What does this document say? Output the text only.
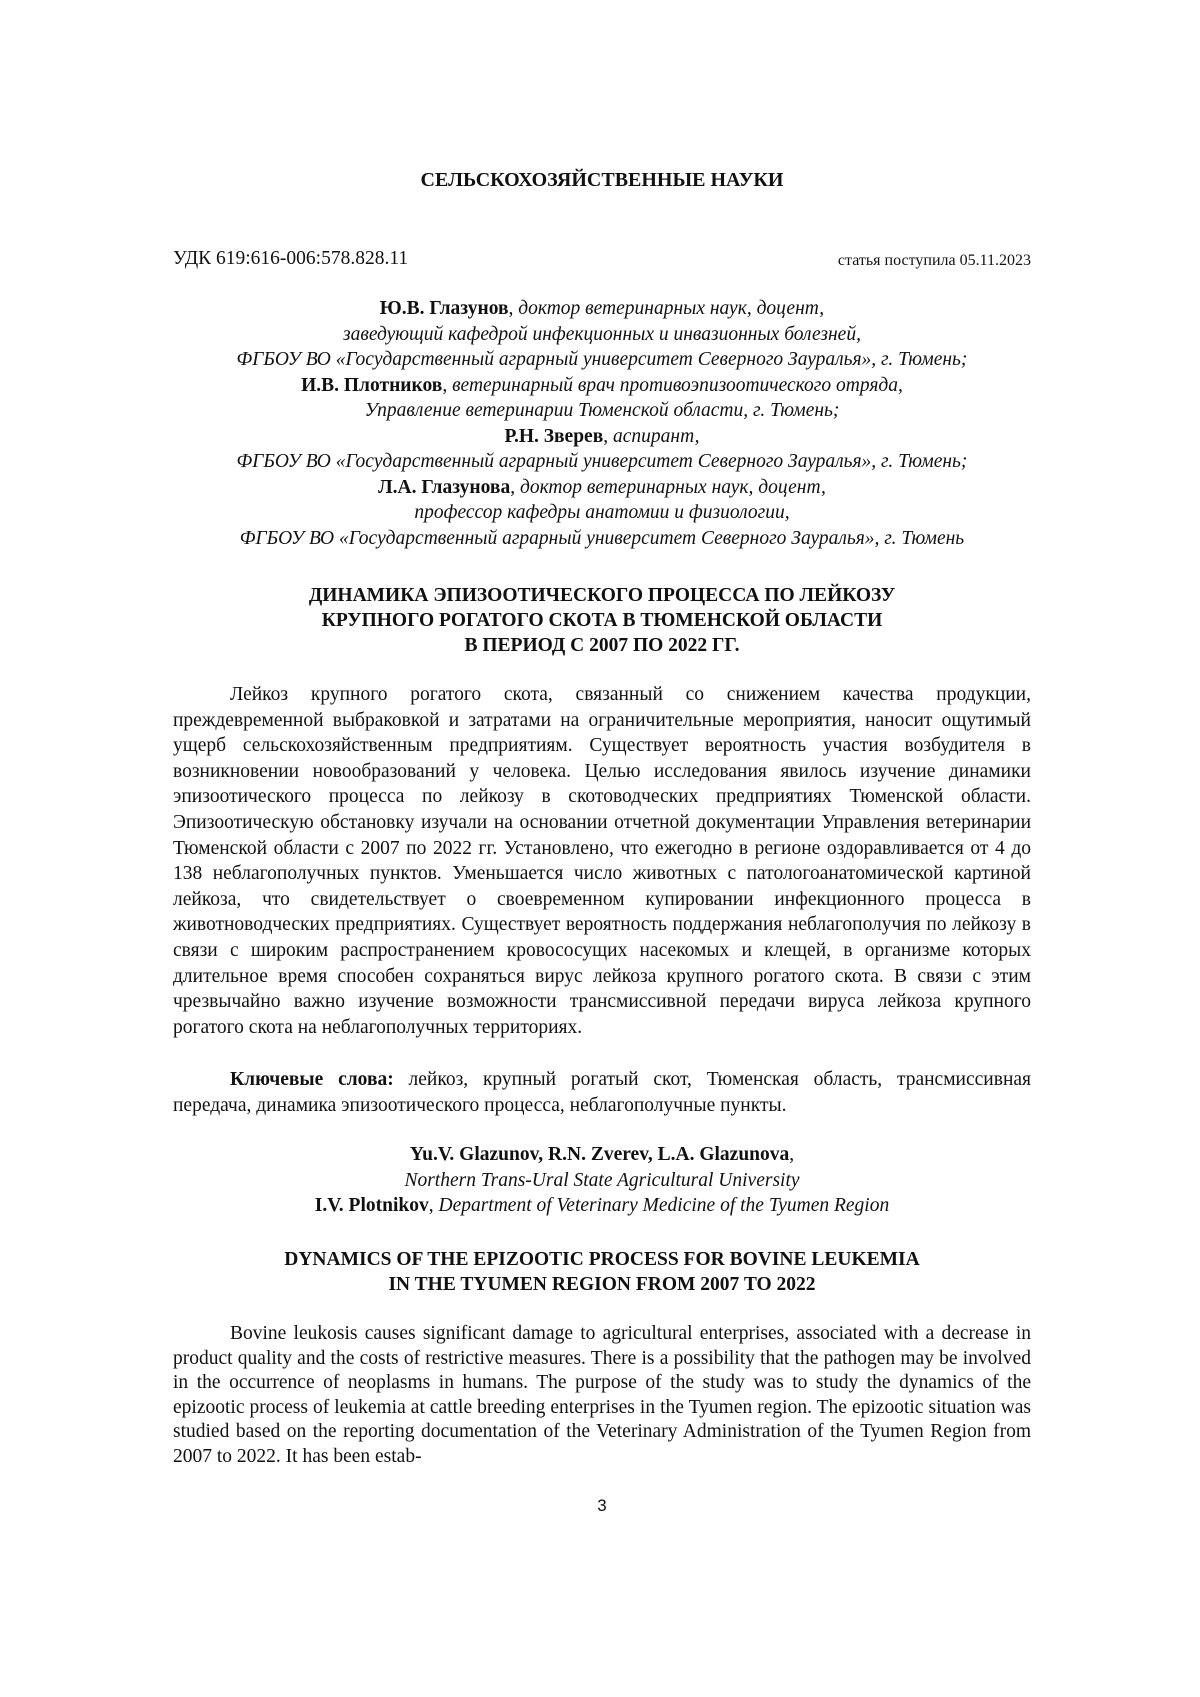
СЕЛЬСКОХОЗЯЙСТВЕННЫЕ НАУКИ
УДК 619:616-006:578.828.11	статья поступила 05.11.2023
Ю.В. Глазунов, доктор ветеринарных наук, доцент,
заведующий кафедрой инфекционных и инвазионных болезней,
ФГБОУ ВО «Государственный аграрный университет Северного Зауралья», г. Тюмень;
И.В. Плотников, ветеринарный врач противоэпизоотического отряда,
Управление ветеринарии Тюменской области, г. Тюмень;
Р.Н. Зверев, аспирант,
ФГБОУ ВО «Государственный аграрный университет Северного Зауралья», г. Тюмень;
Л.А. Глазунова, доктор ветеринарных наук, доцент,
профессор кафедры анатомии и физиологии,
ФГБОУ ВО «Государственный аграрный университет Северного Зауралья», г. Тюмень
ДИНАМИКА ЭПИЗООТИЧЕСКОГО ПРОЦЕССА ПО ЛЕЙКОЗУ
КРУПНОГО РОГАТОГО СКОТА В ТЮМЕНСКОЙ ОБЛАСТИ
В ПЕРИОД С 2007 ПО 2022 ГГ.

Лейкоз крупного рогатого скота, связанный со снижением качества продукции, преждевременной выбраковкой и затратами на ограничительные мероприятия, наносит ощутимый ущерб сельскохозяйственным предприятиям. Существует вероятность участия возбудителя в возникновении новообразований у человека. Целью исследования явилось изучение динамики эпизоотического процесса по лейкозу в скотоводческих предприятиях Тюменской области. Эпизоотическую обстановку изучали на основании отчетной документации Управления ветеринарии Тюменской области с 2007 по 2022 гг. Установлено, что ежегодно в регионе оздоравливается от 4 до 138 неблагополучных пунктов. Уменьшается число животных с патологоанатомической картиной лейкоза, что свидетельствует о своевременном купировании инфекционного процесса в животноводческих предприятиях. Существует вероятность поддержания неблагополучия по лейкозу в связи с широким распространением кровососущих насекомых и клещей, в организме которых длительное время способен сохраняться вирус лейкоза крупного рогатого скота. В связи с этим чрезвычайно важно изучение возможности трансмиссивной передачи вируса лейкоза крупного рогатого скота на неблагополучных территориях.

Ключевые слова: лейкоз, крупный рогатый скот, Тюменская область, трансмиссивная передача, динамика эпизоотического процесса, неблагополучные пункты.

Yu.V. Glazunov, R.N. Zverev, L.A. Glazunova,
Northern Trans-Ural State Agricultural University
I.V. Plotnikov, Department of Veterinary Medicine of the Tyumen Region
DYNAMICS OF THE EPIZOOTIC PROCESS FOR BOVINE LEUKEMIA
IN THE TYUMEN REGION FROM 2007 TO 2022

Bovine leukosis causes significant damage to agricultural enterprises, associated with a decrease in product quality and the costs of restrictive measures. There is a possibility that the pathogen may be involved in the occurrence of neoplasms in humans. The purpose of the study was to study the dynamics of the epizootic process of leukemia at cattle breeding enterprises in the Tyumen region. The epizootic situation was studied based on the reporting documentation of the Veterinary Administration of the Tyumen Region from 2007 to 2022. It has been estab-

3
